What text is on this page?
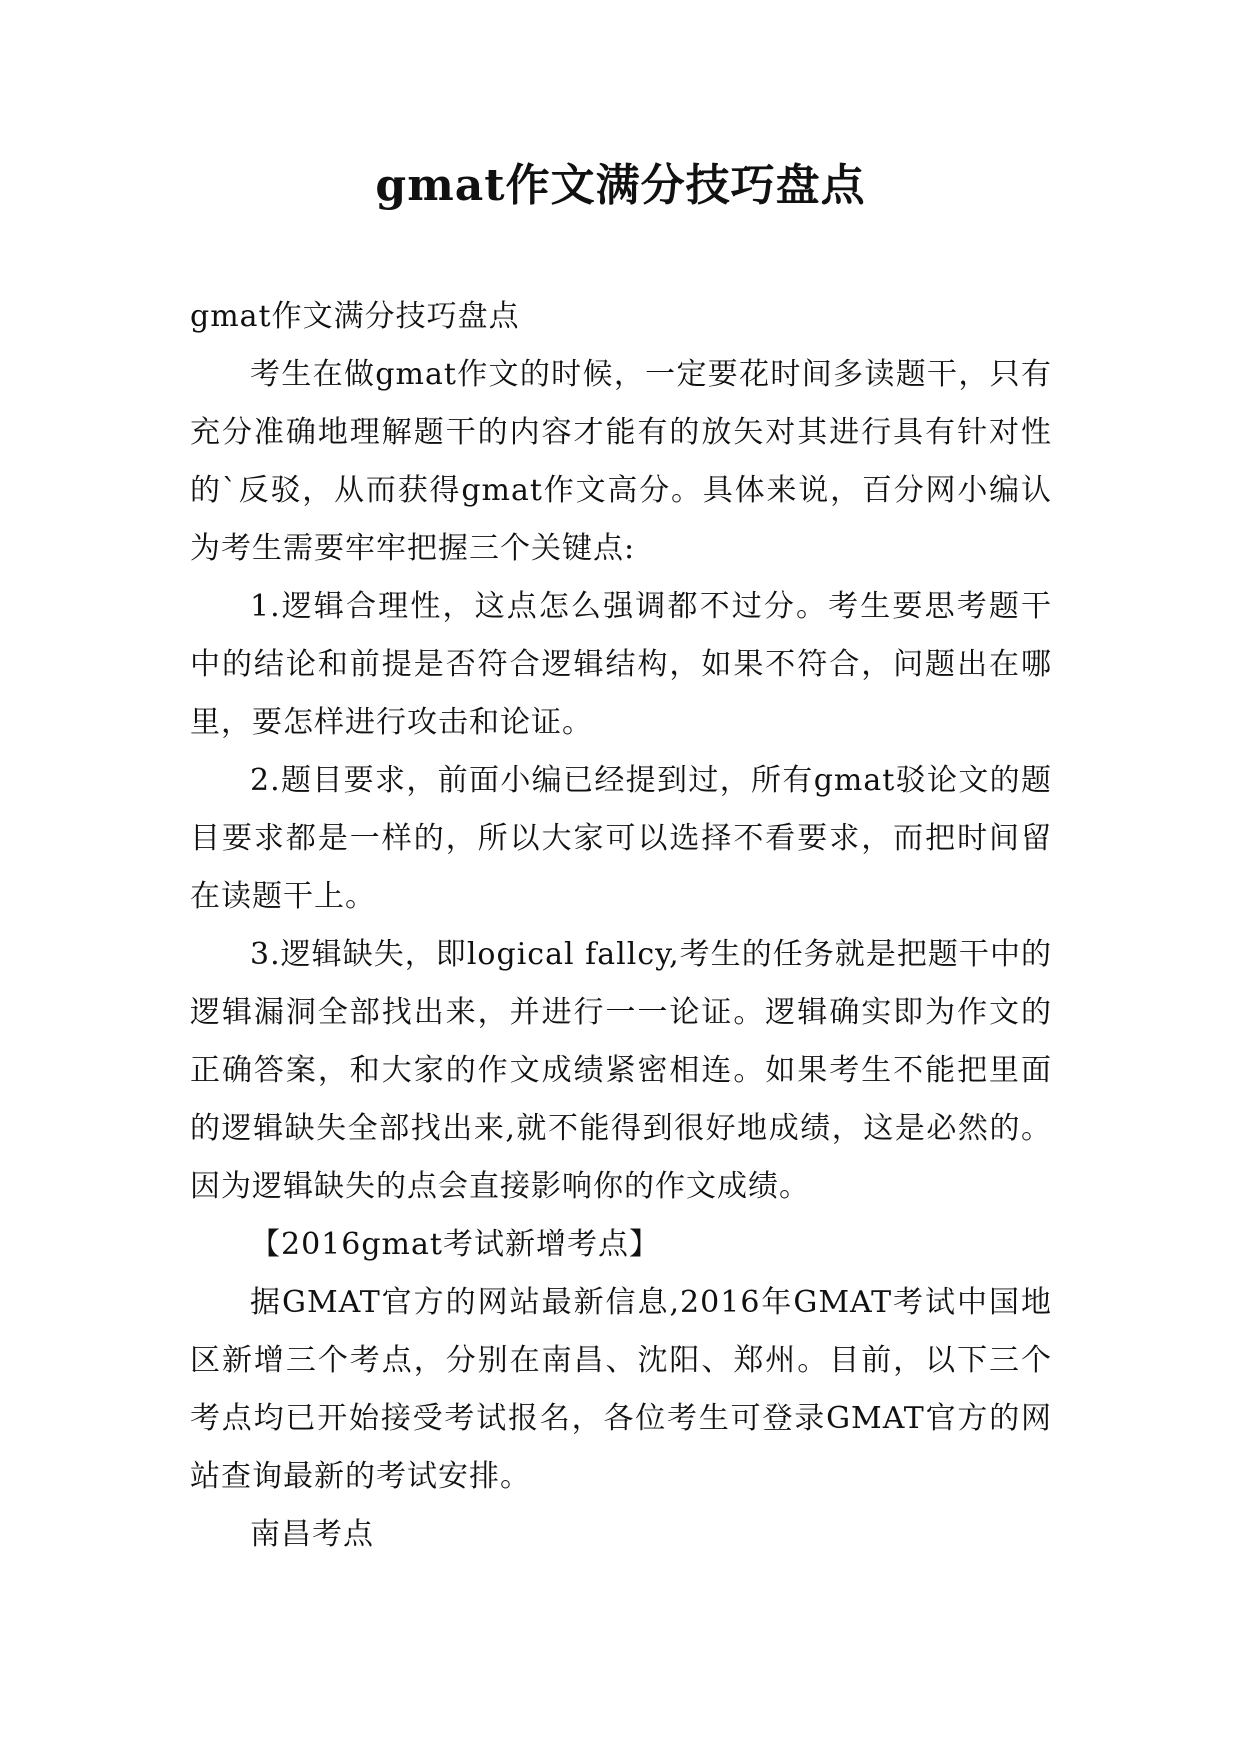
gmat作文满分技巧盘点

gmat作文满分技巧盘点

考生在做gmat作文的时候，一定要花时间多读题干，只有充分准确地理解题干的内容才能有的放矢对其进行具有针对性的`反驳，从而获得gmat作文高分。具体来说，百分网小编认为考生需要牢牢把握三个关键点:

1.逻辑合理性，这点怎么强调都不过分。考生要思考题干中的结论和前提是否符合逻辑结构，如果不符合，问题出在哪里，要怎样进行攻击和论证。

2.题目要求，前面小编已经提到过，所有gmat驳论文的题目要求都是一样的，所以大家可以选择不看要求，而把时间留在读题干上。

3.逻辑缺失，即logical fallcy,考生的任务就是把题干中的逻辑漏洞全部找出来，并进行一一论证。逻辑确实即为作文的正确答案，和大家的作文成绩紧密相连。如果考生不能把里面的逻辑缺失全部找出来,就不能得到很好地成绩，这是必然的。因为逻辑缺失的点会直接影响你的作文成绩。

【2016gmat考试新增考点】

据GMAT官方的网站最新信息,2016年GMAT考试中国地区新增三个考点，分别在南昌、沈阳、郑州。目前，以下三个考点均已开始接受考试报名，各位考生可登录GMAT官方的网站查询最新的考试安排。

南昌考点
